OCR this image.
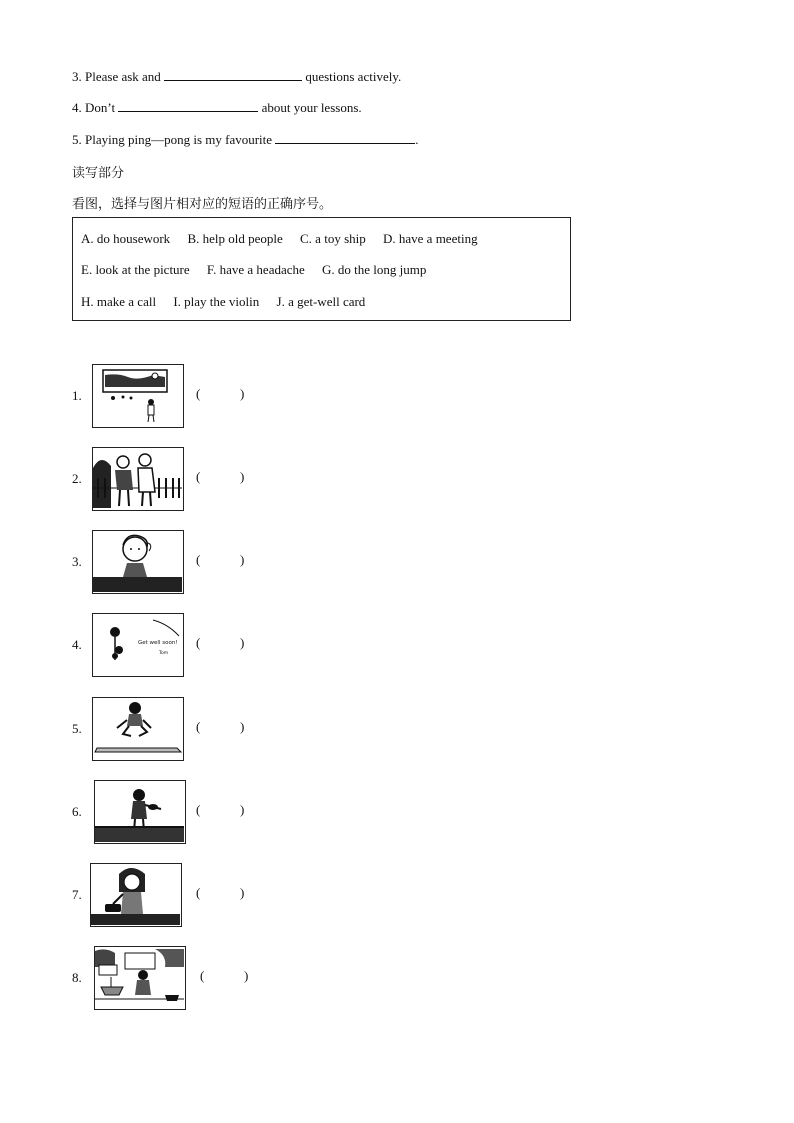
3. Please ask and	questions actively.
4. Don’t	about your lessons.
5. Playing ping—pong is my favourite	.
读写部分
看图，选择与图片相对应的短语的正确序号。
A. do housework B. help old people C. a toy ship D. have a meeting
E. look at the picture F. have a headache G. do the long jump
H. make a call I. play the violin J. a get-well card
1.	(	)
2.	(	)
3.	(	)
4.	Get well soon!
Tom
(	)
5.	(	)
6.	(	)
7.	(	)
8.	(	)
